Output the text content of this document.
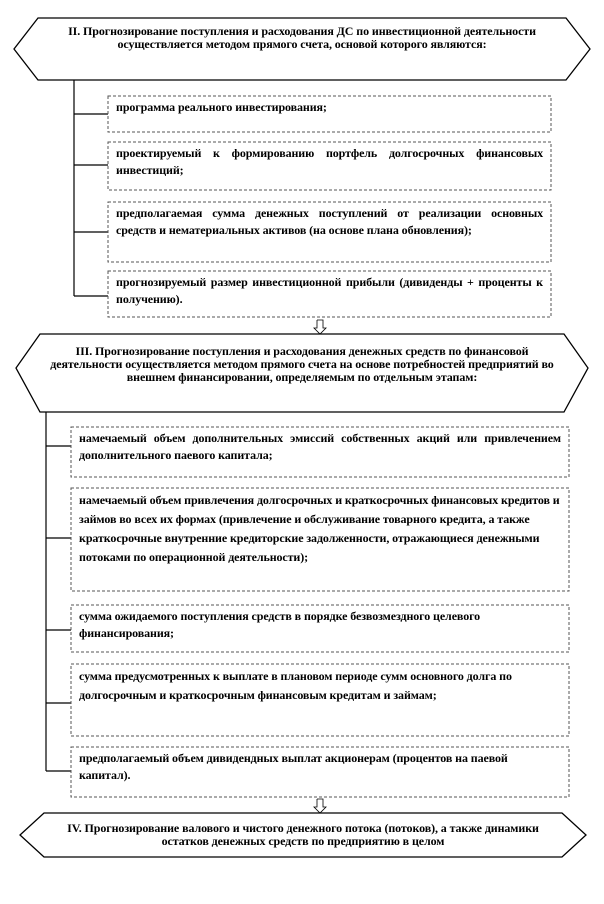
II. Прогнозирование поступления и расходования ДС по инвестиционной деятельности осуществляется методом прямого счета, основой которого являются:
программа реального инвестирования;
проектируемый к формированию портфель долгосрочных финансовых инвестиций;
предполагаемая сумма денежных поступлений от реализации основных средств и нематериальных активов (на основе плана обновления);
прогнозируемый размер инвестиционной прибыли (дивиденды + проценты к получению).
III. Прогнозирование поступления и расходования денежных средств по финансовой деятельности осуществляется методом прямого счета на основе потребностей предприятий во внешнем финансировании, определяемым по отдельным этапам:
намечаемый объем дополнительных эмиссий собственных акций или привлечением дополнительного паевого капитала;
намечаемый объем привлечения долгосрочных и краткосрочных финансовых кредитов и займов во всех их формах (привлечение и обслуживание товарного кредита, а также краткосрочные внутренние кредиторские задолженности, отражающиеся денежными потоками по операционной деятельности);
сумма ожидаемого поступления средств в порядке безвозмездного целевого финансирования;
сумма предусмотренных к выплате в плановом периоде сумм основного долга по долгосрочным и краткосрочным финансовым кредитам и займам;
предполагаемый объем дивидендных выплат акционерам (процентов на паевой капитал).
IV. Прогнозирование валового и чистого денежного потока (потоков), а также динамики остатков денежных средств по предприятию в целом
